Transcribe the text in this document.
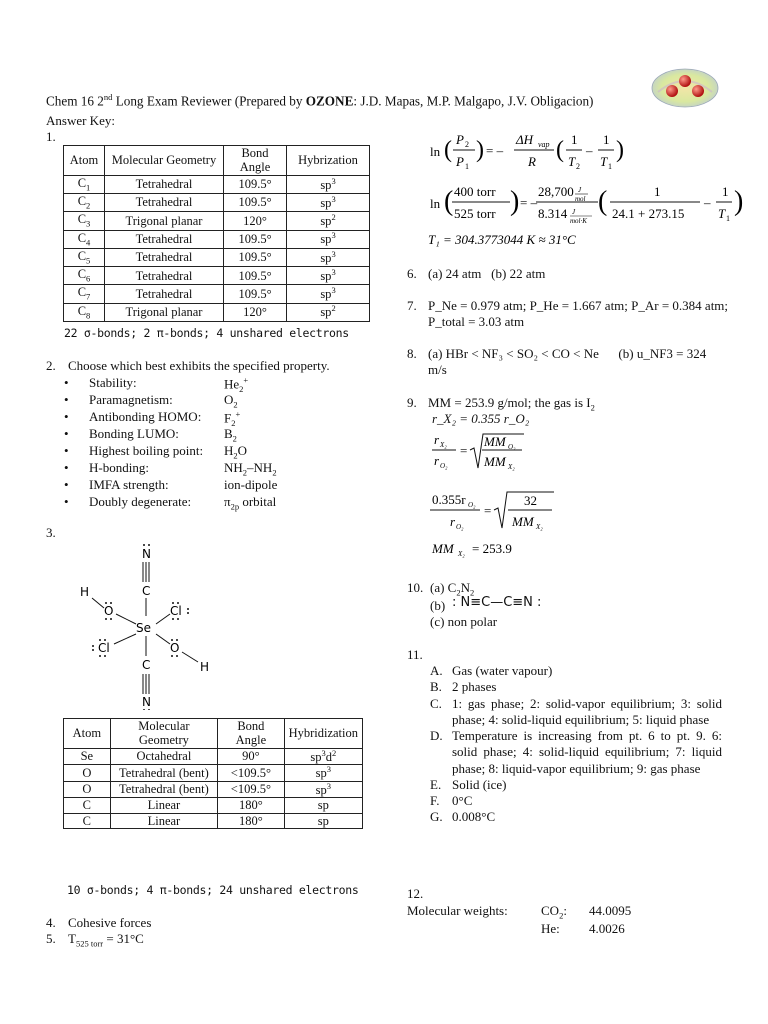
Chem 16 2nd Long Exam Reviewer (Prepared by OZONE: J.D. Mapas, M.P. Malgapo, J.V. Obligacion)
Answer Key:
1.
Atom	Molecular Geometry	Bond Angle	Hybrization
$C_1$	Tetrahedral	109.5°	$sp^3$
$C_2$	Tetrahedral	109.5°	$sp^3$
$C_3$	Trigonal planar	120°	$sp^2$
$C_4$	Tetrahedral	109.5°	$sp^3$
$C_5$	Tetrahedral	109.5°	$sp^3$
$C_6$	Tetrahedral	109.5°	$sp^3$
$C_7$	Tetrahedral	109.5°	$sp^3$
$C_8$	Trigonal planar	120°	$sp^2$
22 σ-bonds; 2 π-bonds; 4 unshared electrons
2. Choose which best exhibits the specified property.
• Stability:	$He_2^+$
• Paramagnetism:	$O_2$
• Antibonding HOMO: $F_2^+$
• Bonding LUMO:	$B_2$
• Highest boiling point: $H_2O$
• H-bonding:	$NH_2-NH_2$
• IMFA strength:	ion-dipole
• Doubly degenerate:	$\pi_{2p}$ orbital
3.
N
C
Se
O
H
Cl
Cl	O
H
C
N
Atom	Molecular Geometry	Bond Angle	Hybridization
Se	Octahedral	90°	$sp^3d^2$
O	Tetrahedral (bent)	<109.5°	$sp^3$
O	Tetrahedral (bent)	<109.5°	$sp^3$
C	Linear	180°	sp
C	Linear	180°	sp
10 σ-bonds; 4 π-bonds; 24 unshared electrons
4. Cohesive forces
5. $T_{525 torr} = 31^\circ C$
ln ( P 2
P 1
) = –
ΔH vap
R ( 1
T 2
–
1
T 1
)
ln ( 400 torr
525 torr ) = –
28,700 J
mol
8.314 J
mol·K
(	1
24.1 + 273.15
–
1
T 1
)
T₁ = 304.3773044 K ≈ 31°C
6. (a) 24 atm   (b) 22 atm
7. P_Ne = 0.979 atm; P_He = 1.667 atm; P_Ar = 0.384 atm;
P_total = 3.03 atm
8. (a) HBr < NF₃ < SO₂ < CO < Ne      (b) u_NF3 = 324
m/s
9. MM = 253.9 g/mol; the gas is $I_2$
r_X₂ = 0.355 r_O₂
r X₂
r O₂
=
MM O₂
MM X₂
0.355r O₂
r O₂
=
32
MM X₂
MM X₂ = 253.9
10. (a) $C_2N_2$
(b) : N≡C—C≡N :
(c) non polar
11.
A. Gas (water vapour)
B. 2 phases
C. 1: gas phase; 2: solid-vapor equilibrium; 3: solid phase; 4: solid-liquid equilibrium; 5: liquid phase
D. Temperature is increasing from pt. 6 to pt. 9. 6: solid phase; 4: solid-liquid equilibrium; 7: liquid phase; 8: liquid-vapor equilibrium; 9: gas phase
E. Solid (ice)
F. 0°C
G. 0.008°C
12.
Molecular weights:	$CO_2$: 44.0095
He: 4.0026
